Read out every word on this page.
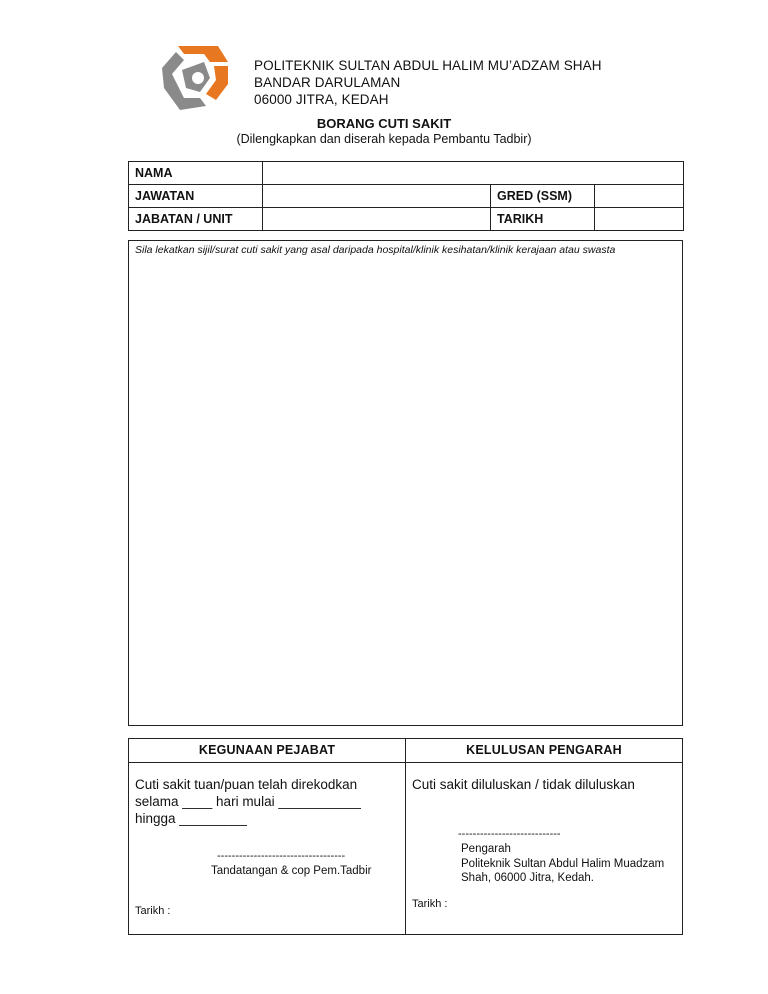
POLITEKNIK SULTAN ABDUL HALIM MU’ADZAM SHAH
BANDAR DARULAMAN
06000 JITRA, KEDAH
BORANG CUTI SAKIT
(Dilengkapkan dan diserah kepada Pembantu Tadbir)
NAMA			
JAWATAN		GRED (SSM)	
JABATAN / UNIT		TARIKH	
Sila lekatkan sijil/surat cuti sakit yang asal daripada hospital/klinik kesihatan/klinik kerajaan atau swasta
KEGUNAAN PEJABAT
Cuti sakit tuan/puan telah direkodkan
selama ____ hari mulai ___________
hingga _________
-----------------------------------
Tandatangan & cop Pem.Tadbir
Tarikh :
KELULUSAN PENGARAH
Cuti sakit diluluskan / tidak diluluskan
----------------------------
Pengarah
Politeknik Sultan Abdul Halim Muadzam
Shah, 06000 Jitra, Kedah.
Tarikh :
